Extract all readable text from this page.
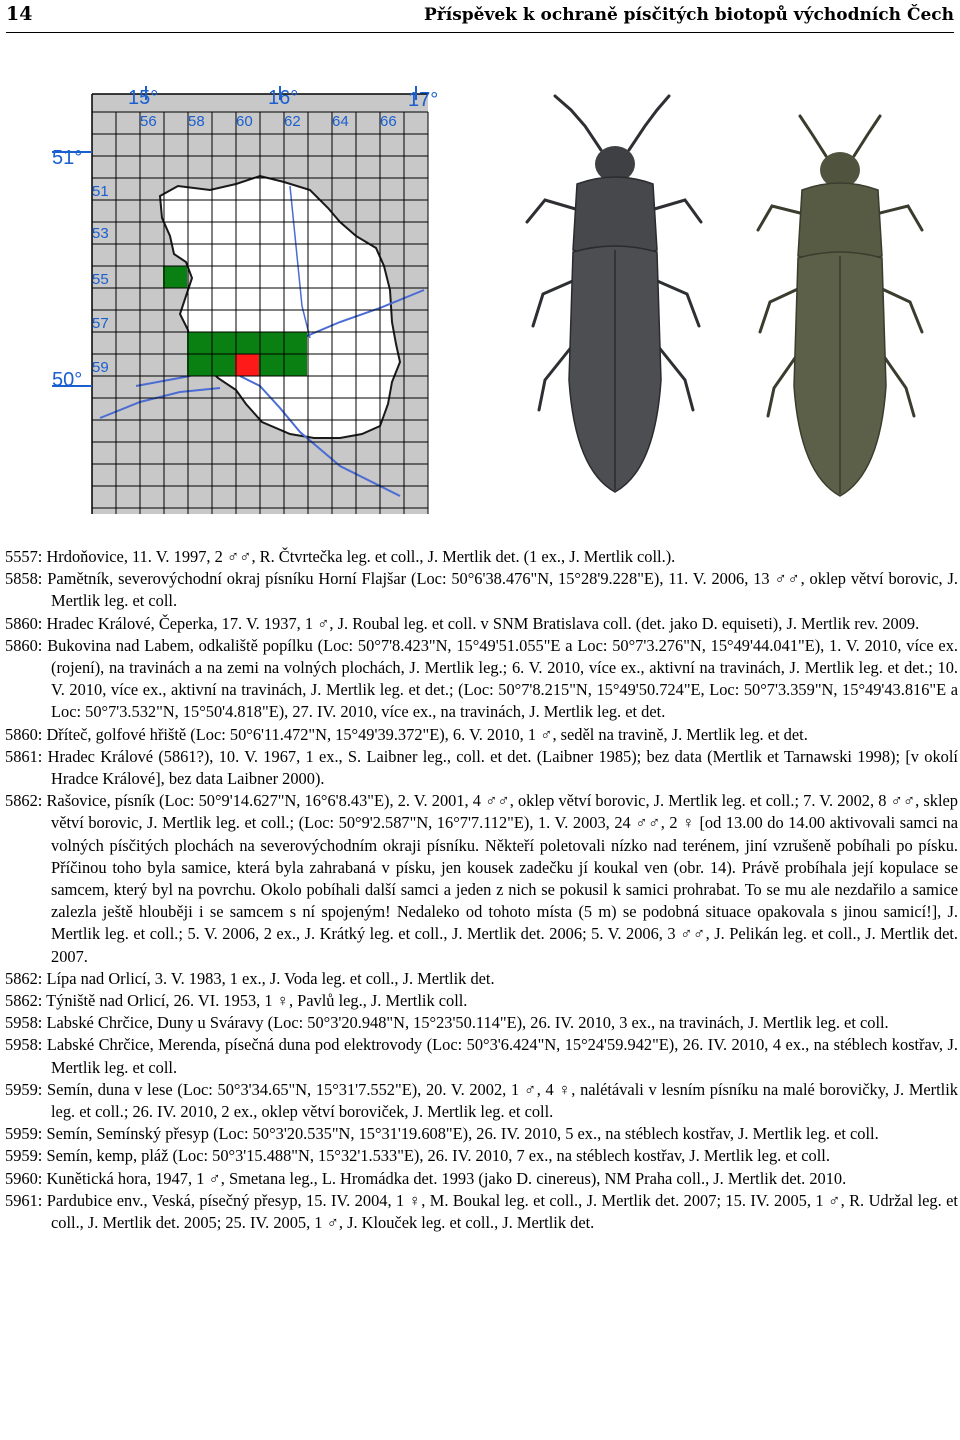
14	Příspěvek k ochraně písčitých biotopů východních Čech
15°	16°	17°
56 58 60 62 64 66
51°
50°
51
53
55
57
59

5557: Hrdoňovice, 11. V. 1997, 2 ♂♂, R. Čtvrtečka leg. et coll., J. Mertlik det. (1 ex., J. Mertlik coll.).

5858: Pamětník, severovýchodní okraj písníku Horní Flajšar (Loc: 50°6'38.476"N, 15°28'9.228"E), 11. V. 2006, 13 ♂♂, oklep větví borovic, J. Mertlik leg. et coll.

5860: Hradec Králové, Čeperka, 17. V. 1937, 1 ♂, J. Roubal leg. et coll. v SNM Bratislava coll. (det. jako D. equiseti), J. Mertlik rev. 2009.

5860: Bukovina nad Labem, odkaliště popílku (Loc: 50°7'8.423"N, 15°49'51.055"E a Loc: 50°7'3.276"N, 15°49'44.041"E), 1. V. 2010, více ex. (rojení), na travinách a na zemi na volných plochách, J. Mertlik leg.; 6. V. 2010, více ex., aktivní na travinách, J. Mertlik leg. et det.; 10. V. 2010, více ex., aktivní na travinách, J. Mertlik leg. et det.; (Loc: 50°7'8.215"N, 15°49'50.724"E, Loc: 50°7'3.359"N, 15°49'43.816"E a Loc: 50°7'3.532"N, 15°50'4.818"E), 27. IV. 2010, více ex., na travinách, J. Mertlik leg. et det.

5860: Dříteč, golfové hřiště (Loc: 50°6'11.472"N, 15°49'39.372"E), 6. V. 2010, 1 ♂, seděl na travině, J. Mertlik leg. et det.

5861: Hradec Králové (5861?), 10. V. 1967, 1 ex., S. Laibner leg., coll. et det. (Laibner 1985); bez data (Mertlik et Tarnawski 1998); [v okolí Hradce Králové], bez data Laibner 2000).

5862: Rašovice, písník (Loc: 50°9'14.627"N, 16°6'8.43"E), 2. V. 2001, 4 ♂♂, oklep větví borovic, J. Mertlik leg. et coll.; 7. V. 2002, 8 ♂♂, sklep větví borovic, J. Mertlik leg. et coll.; (Loc: 50°9'2.587"N, 16°7'7.112"E), 1. V. 2003, 24 ♂♂, 2 ♀ [od 13.00 do 14.00 aktivovali samci na volných písčitých plochách na severovýchodním okraji písníku. Někteří poletovali nízko nad terénem, jiní vzrušeně pobíhali po písku. Příčinou toho byla samice, která byla zahrabaná v písku, jen kousek zadečku jí koukal ven (obr. 14). Právě probíhala její kopulace se samcem, který byl na povrchu. Okolo pobíhali další samci a jeden z nich se pokusil k samici prohrabat. To se mu ale nezdařilo a samice zalezla ještě hlouběji i se samcem s ní spojeným! Nedaleko od tohoto místa (5 m) se podobná situace opakovala s jinou samicí!], J. Mertlik leg. et coll.; 5. V. 2006, 2 ex., J. Krátký leg. et coll., J. Mertlik det. 2006; 5. V. 2006, 3 ♂♂, J. Pelikán leg. et coll., J. Mertlik det. 2007.

5862: Lípa nad Orlicí, 3. V. 1983, 1 ex., J. Voda leg. et coll., J. Mertlik det.

5862: Týniště nad Orlicí, 26. VI. 1953, 1 ♀, Pavlů leg., J. Mertlik coll.

5958: Labské Chrčice, Duny u Sváravy (Loc: 50°3'20.948"N, 15°23'50.114"E), 26. IV. 2010, 3 ex., na travinách, J. Mertlik leg. et coll.

5958: Labské Chrčice, Merenda, písečná duna pod elektrovody (Loc: 50°3'6.424"N, 15°24'59.942"E), 26. IV. 2010, 4 ex., na stéblech kostřav, J. Mertlik leg. et coll.

5959: Semín, duna v lese (Loc: 50°3'34.65"N, 15°31'7.552"E), 20. V. 2002, 1 ♂, 4 ♀, nalétávali v lesním písníku na malé borovičky, J. Mertlik leg. et coll.; 26. IV. 2010, 2 ex., oklep větví boroviček, J. Mertlik leg. et coll.

5959: Semín, Semínský přesyp (Loc: 50°3'20.535"N, 15°31'19.608"E), 26. IV. 2010, 5 ex., na stéblech kostřav, J. Mertlik leg. et coll.

5959: Semín, kemp, pláž (Loc: 50°3'15.488"N, 15°32'1.533"E), 26. IV. 2010, 7 ex., na stéblech kostřav, J. Mertlik leg. et coll.

5960: Kunětická hora, 1947, 1 ♂, Smetana leg., L. Hromádka det. 1993 (jako D. cinereus), NM Praha coll., J. Mertlik det. 2010.

5961: Pardubice env., Veská, písečný přesyp, 15. IV. 2004, 1 ♀, M. Boukal leg. et coll., J. Mertlik det. 2007; 15. IV. 2005, 1 ♂, R. Udržal leg. et coll., J. Mertlik det. 2005; 25. IV. 2005, 1 ♂, J. Klouček leg. et coll., J. Mertlik det.
